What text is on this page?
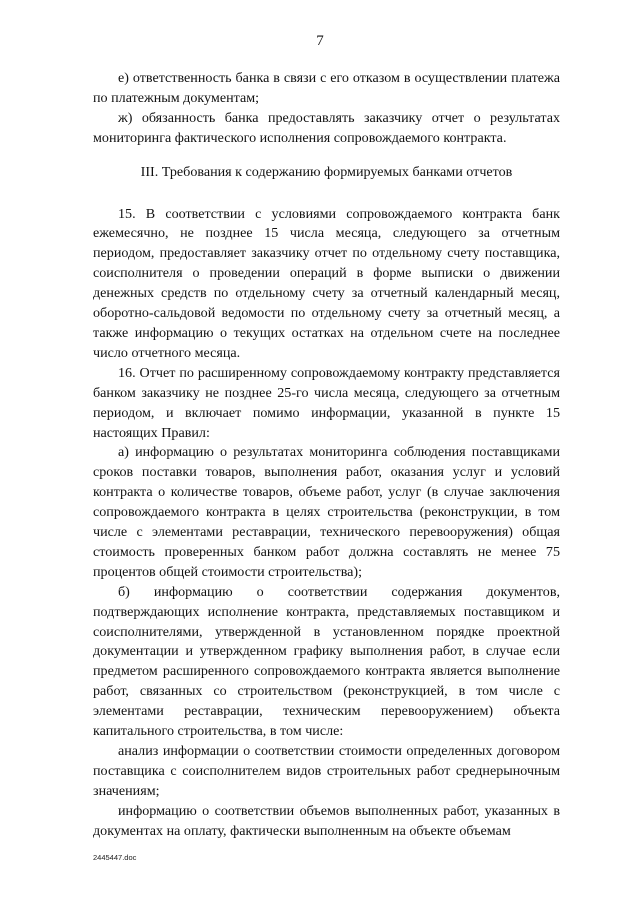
7

е) ответственность банка в связи с его отказом в осуществлении платежа по платежным документам;

ж) обязанность банка предоставлять заказчику отчет о результатах мониторинга фактического исполнения сопровождаемого контракта.

III. Требования к содержанию формируемых банками отчетов

15. В соответствии с условиями сопровождаемого контракта банк ежемесячно, не позднее 15 числа месяца, следующего за отчетным периодом, предоставляет заказчику отчет по отдельному счету поставщика, соисполнителя о проведении операций в форме выписки о движении денежных средств по отдельному счету за отчетный календарный месяц, оборотно-сальдовой ведомости по отдельному счету за отчетный месяц, а также информацию о текущих остатках на отдельном счете на последнее число отчетного месяца.

16. Отчет по расширенному сопровождаемому контракту представляется банком заказчику не позднее 25-го числа месяца, следующего за отчетным периодом, и включает помимо информации, указанной в пункте 15 настоящих Правил:

а) информацию о результатах мониторинга соблюдения поставщиками сроков поставки товаров, выполнения работ, оказания услуг и условий контракта о количестве товаров, объеме работ, услуг (в случае заключения сопровождаемого контракта в целях строительства (реконструкции, в том числе с элементами реставрации, технического перевооружения) общая стоимость проверенных банком работ должна составлять не менее 75 процентов общей стоимости строительства);

б) информацию о соответствии содержания документов, подтверждающих исполнение контракта, представляемых поставщиком и соисполнителями, утвержденной в установленном порядке проектной документации и утвержденном графику выполнения работ, в случае если предметом расширенного сопровождаемого контракта является выполнение работ, связанных со строительством (реконструкцией, в том числе с элементами реставрации, техническим перевооружением) объекта капитального строительства, в том числе:

анализ информации о соответствии стоимости определенных договором поставщика с соисполнителем видов строительных работ среднерыночным значениям;

информацию о соответствии объемов выполненных работ, указанных в документах на оплату, фактически выполненным на объекте объемам

2445447.doc
